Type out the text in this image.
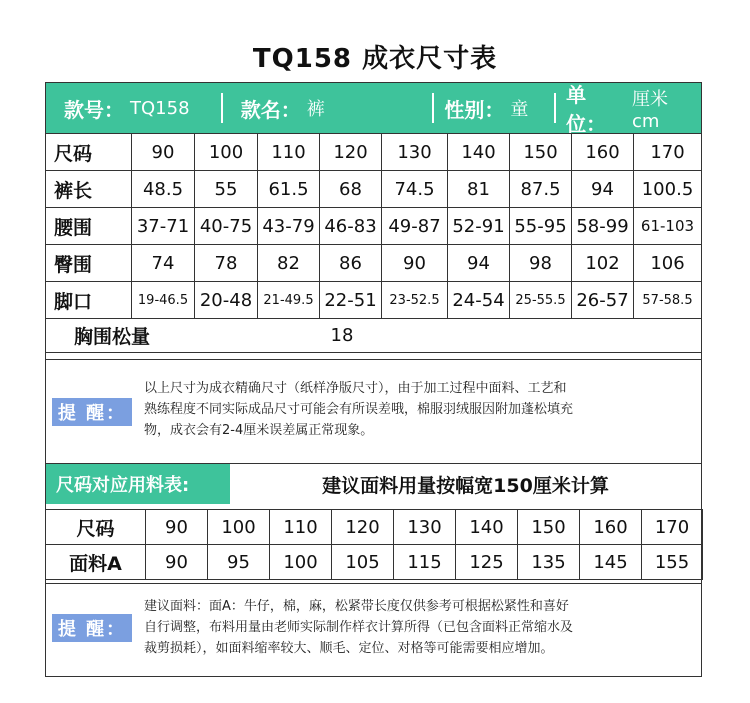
TQ158 成衣尺寸表
款号： TQ158	款名： 裤	性别： 童
单位：
厘米 cm
尺码	90	100	110	120	130	140	150	160	170
裤长	48.5	55	61.5	68	74.5	81	87.5	94	100.5
腰围	37-71	40-75	43-79	46-83	49-87	52-91	55-95	58-99	61-103
臀围	74	78	82	86	90	94	98	102	106
脚口	19-46.5	20-48	21-49.5	22-51	23-52.5	24-54	25-55.5	26-57	57-58.5
胸围松量		18							
提 醒：
以上尺寸为成衣精确尺寸（纸样净版尺寸），由于加工过程中面料、工艺和
熟练程度不同实际成品尺寸可能会有所误差哦，棉服羽绒服因附加蓬松填充
物，成衣会有2-4厘米误差属正常现象。
尺码对应用料表:	建议面料用量按幅宽150厘米计算
尺码	90	100	110	120	130	140	150	160	170
面料A	90	95	100	105	115	125	135	145	155
提 醒：
建议面料：面A：牛仔，棉，麻，松紧带长度仅供参考可根据松紧性和喜好
自行调整，布料用量由老师实际制作样衣计算所得（已包含面料正常缩水及
裁剪损耗），如面料缩率较大、顺毛、定位、对格等可能需要相应增加。
